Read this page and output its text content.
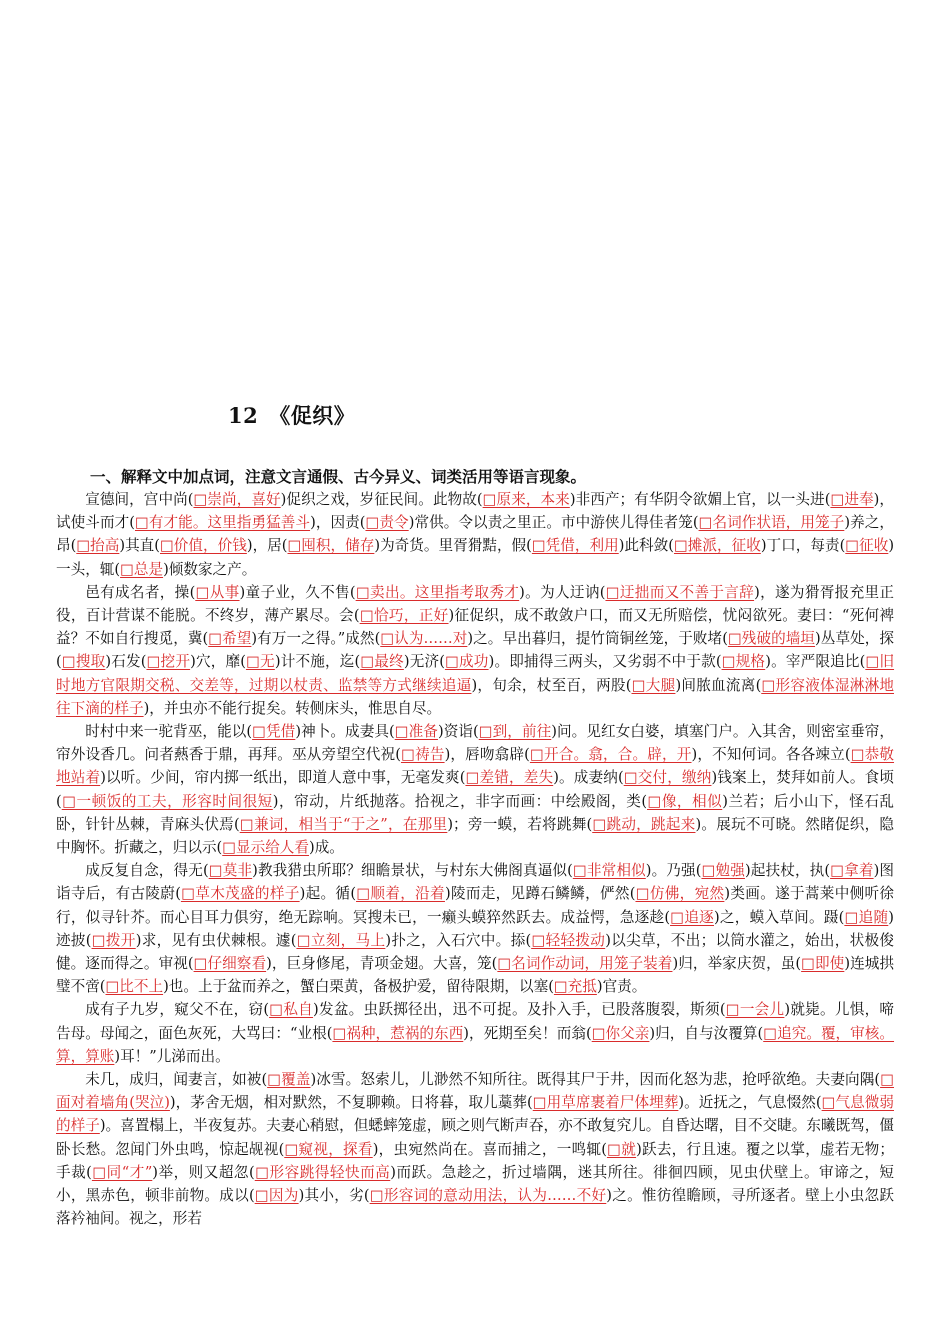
12　《促织》
一、解释文中加点词，注意文言通假、古今异义、词类活用等语言现象。

宣德间，宫中尚(□崇尚，喜好)促织之戏，岁征民间。此物故(□原来，本来)非西产；有华阴令欲媚上官，以一头进(□进奉)，试使斗而才(□有才能。这里指勇猛善斗)，因责(□责令)常供。令以责之里正。市中游侠儿得佳者笼(□名词作状语，用笼子)养之，昂(□抬高)其直(□价值，价钱)，居(□囤积，储存)为奇货。里胥猾黠，假(□凭借，利用)此科敛(□摊派，征收)丁口，每责(□征收)一头，辄(□总是)倾数家之产。

邑有成名者，操(□从事)童子业，久不售(□卖出。这里指考取秀才)。为人迂讷(□迂拙而又不善于言辞)，遂为猾胥报充里正役，百计营谋不能脱。不终岁，薄产累尽。会(□恰巧，正好)征促织，成不敢敛户口，而又无所赔偿，忧闷欲死。妻曰：“死何裨益？不如自行搜觅，冀(□希望)有万一之得。”成然(□认为……对)之。早出暮归，提竹筒铜丝笼，于败堵(□残破的墙垣)丛草处，探(□搜取)石发(□挖开)穴，靡(□无)计不施，迄(□最终)无济(□成功)。即捕得三两头，又劣弱不中于款(□规格)。宰严限追比(□旧时地方官限期交税、交差等，过期以杖责、监禁等方式继续追逼)，旬余，杖至百，两股(□大腿)间脓血流离(□形容液体湿淋淋地往下滴的样子)，并虫亦不能行捉矣。转侧床头，惟思自尽。

时村中来一驼背巫，能以(□凭借)神卜。成妻具(□准备)资诣(□到，前往)问。见红女白婆，填塞门户。入其舍，则密室垂帘，帘外设香几。问者爇香于鼎，再拜。巫从旁望空代祝(□祷告)，唇吻翕辟(□开合。翕，合。辟，开)，不知何词。各各竦立(□恭敬地站着)以听。少间，帘内掷一纸出，即道人意中事，无毫发爽(□差错，差失)。成妻纳(□交付，缴纳)钱案上，焚拜如前人。食顷(□一顿饭的工夫，形容时间很短)，帘动，片纸抛落。拾视之，非字而画：中绘殿阁，类(□像，相似)兰若；后小山下，怪石乱卧，针针丛棘，青麻头伏焉(□兼词，相当于“于之”，在那里)；旁一蟆，若将跳舞(□跳动，跳起来)。展玩不可晓。然睹促织，隐中胸怀。折藏之，归以示(□显示给人看)成。

成反复自念，得无(□莫非)教我猎虫所耶？细瞻景状，与村东大佛阁真逼似(□非常相似)。乃强(□勉强)起扶杖，执(□拿着)图诣寺后，有古陵蔚(□草木茂盛的样子)起。循(□顺着，沿着)陵而走，见蹲石鳞鳞，俨然(□仿佛，宛然)类画。遂于蒿莱中侧听徐行，似寻针芥。而心目耳力俱穷，绝无踪响。冥搜未已，一癞头蟆猝然跃去。成益愕，急逐趁(□追逐)之，蟆入草间。蹑(□追随)迹披(□拨开)求，见有虫伏棘根。遽(□立刻，马上)扑之，入石穴中。掭(□轻轻拨动)以尖草，不出；以筒水灌之，始出，状极俊健。逐而得之。审视(□仔细察看)，巨身修尾，青项金翅。大喜，笼(□名词作动词，用笼子装着)归，举家庆贺，虽(□即使)连城拱璧不啻(□比不上)也。上于盆而养之，蟹白栗黄，备极护爱，留待限期，以塞(□充抵)官责。

成有子九岁，窥父不在，窃(□私自)发盆。虫跃掷径出，迅不可捉。及扑入手，已股落腹裂，斯须(□一会儿)就毙。儿惧，啼告母。母闻之，面色灰死，大骂曰：“业根(□祸种，惹祸的东西)，死期至矣！而翁(□你父亲)归，自与汝覆算(□追究。覆，审核。算，算账)耳！”儿涕而出。

未几，成归，闻妻言，如被(□覆盖)冰雪。怒索儿，儿渺然不知所往。既得其尸于井，因而化怒为悲，抢呼欲绝。夫妻向隅(□面对着墙角(哭泣))，茅舍无烟，相对默然，不复聊赖。日将暮，取儿藁葬(□用草席裹着尸体埋葬)。近抚之，气息惙然(□气息微弱的样子)。喜置榻上，半夜复苏。夫妻心稍慰，但蟋蟀笼虚，顾之则气断声吞，亦不敢复究儿。自昏达曙，目不交睫。东曦既驾，僵卧长愁。忽闻门外虫鸣，惊起觇视(□窥视，探看)，虫宛然尚在。喜而捕之，一鸣辄(□就)跃去，行且速。覆之以掌，虚若无物；手裁(□同“才”)举，则又超忽(□形容跳得轻快而高)而跃。急趁之，折过墙隅，迷其所往。徘徊四顾，见虫伏壁上。审谛之，短小，黑赤色，顿非前物。成以(□因为)其小，劣(□形容词的意动用法，认为……不好)之。惟彷徨瞻顾，寻所逐者。壁上小虫忽跃落衿袖间。视之，形若
